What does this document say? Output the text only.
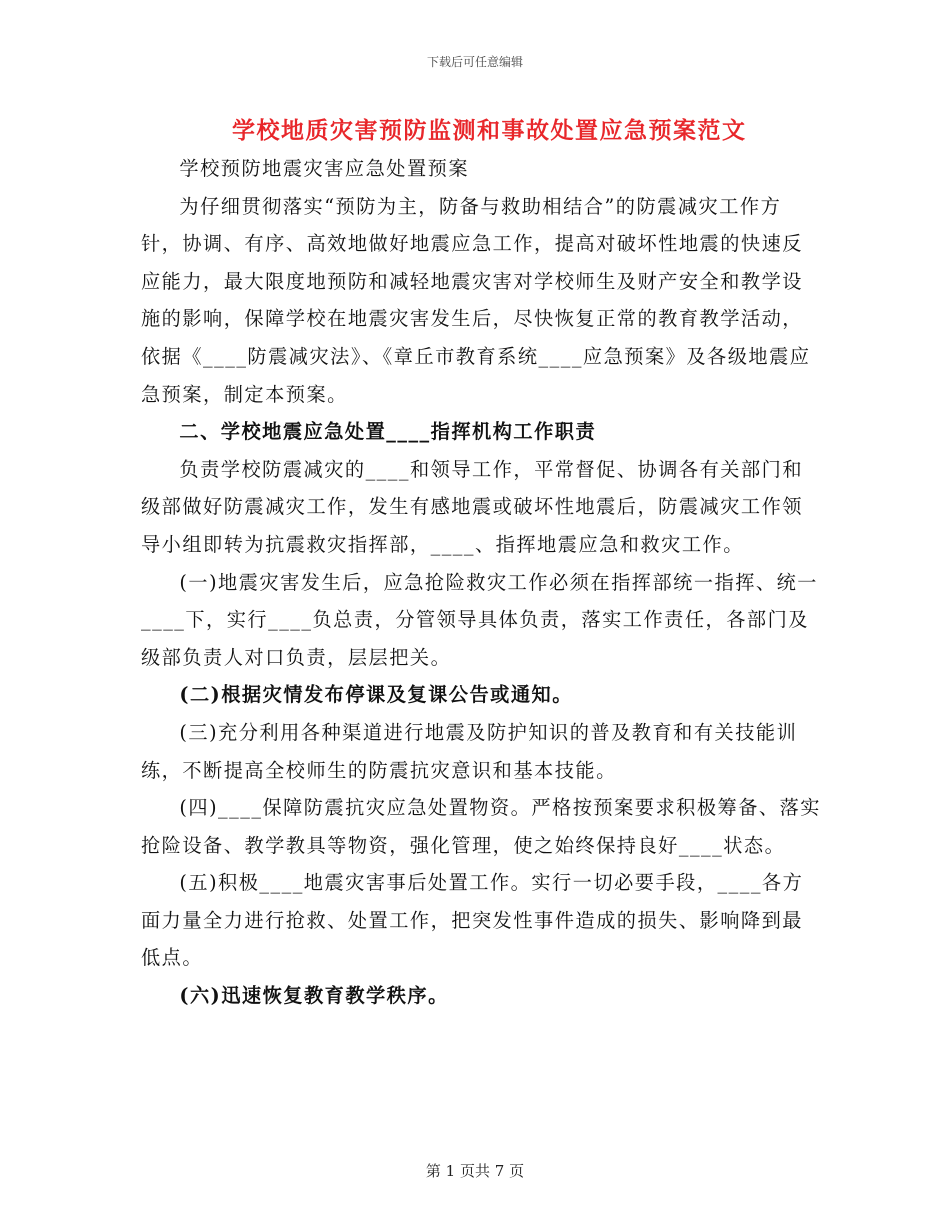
下载后可任意编辑
学校地质灾害预防监测和事故处置应急预案范文

学校预防地震灾害应急处置预案

为仔细贯彻落实“预防为主，防备与救助相结合”的防震减灾工作方针，协调、有序、高效地做好地震应急工作，提高对破坏性地震的快速反应能力，最大限度地预防和减轻地震灾害对学校师生及财产安全和教学设施的影响，保障学校在地震灾害发生后，尽快恢复正常的教育教学活动，依据《____防震减灾法》、《章丘市教育系统____应急预案》及各级地震应急预案，制定本预案。

二、学校地震应急处置____指挥机构工作职责

负责学校防震减灾的____和领导工作，平常督促、协调各有关部门和级部做好防震减灾工作，发生有感地震或破坏性地震后，防震减灾工作领导小组即转为抗震救灾指挥部，____、指挥地震应急和救灾工作。

(一)地震灾害发生后，应急抢险救灾工作必须在指挥部统一指挥、统一____下，实行____负总责，分管领导具体负责，落实工作责任，各部门及级部负责人对口负责，层层把关。

(二)根据灾情发布停课及复课公告或通知。

(三)充分利用各种渠道进行地震及防护知识的普及教育和有关技能训练，不断提高全校师生的防震抗灾意识和基本技能。

(四)____保障防震抗灾应急处置物资。严格按预案要求积极筹备、落实抢险设备、教学教具等物资，强化管理，使之始终保持良好____状态。

(五)积极____地震灾害事后处置工作。实行一切必要手段，____各方面力量全力进行抢救、处置工作，把突发性事件造成的损失、影响降到最低点。

(六)迅速恢复教育教学秩序。

第 1 页共 7 页
